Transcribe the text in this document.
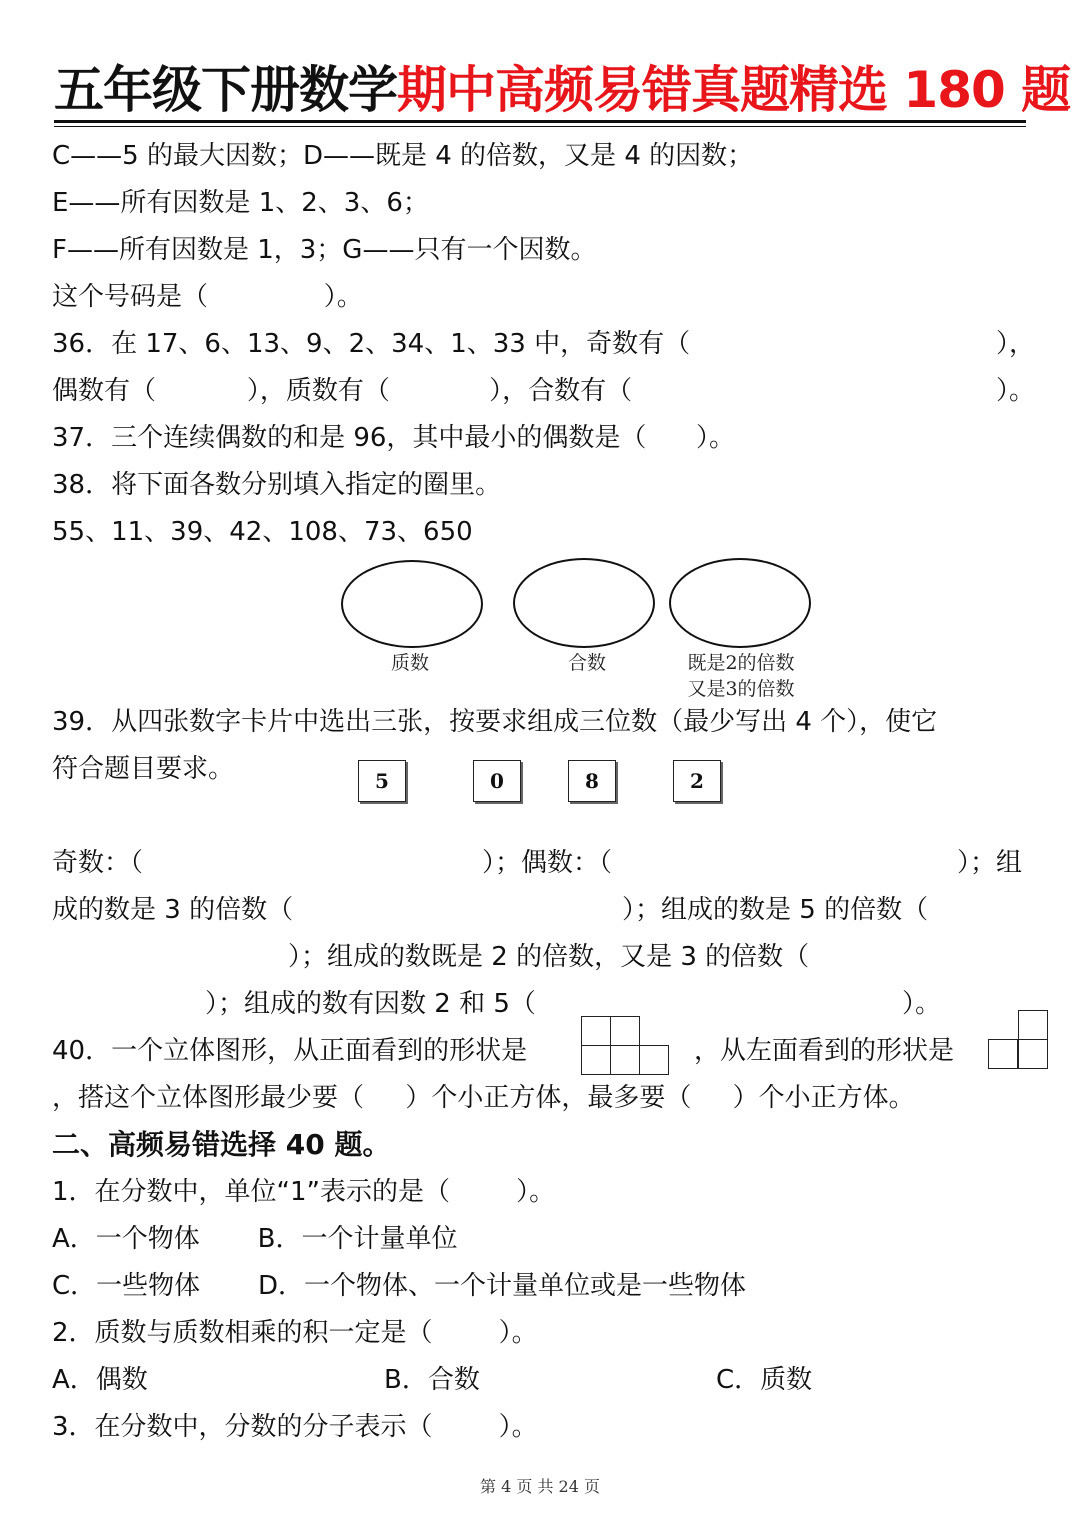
五年级下册数学期中高频易错真题精选 180 题
C——5 的最大因数；D——既是 4 的倍数，又是 4 的因数；
E——所有因数是 1、2、3、6；
F——所有因数是 1，3；G——只有一个因数。
这个号码是（              ）。
36．在 17、6、13、9、2、34、1、33 中，奇数有（	），
偶数有（           ），质数有（            ），合数有（	）。
37．三个连续偶数的和是 96，其中最小的偶数是（      ）。
38．将下面各数分别填入指定的圈里。
55、11、39、42、108、73、650
质数	合数	既是2的倍数
又是3的倍数
39．从四张数字卡片中选出三张，按要求组成三位数（最少写出 4 个），使它
符合题目要求。	5	0	8	2
奇数：（	）；偶数：（	）；组
成的数是 3 的倍数（	）；组成的数是 5 的倍数（
）；组成的数既是 2 的倍数，又是 3 的倍数（
）；组成的数有因数 2 和 5（	）。
40．一个立体图形，从正面看到的形状是	，从左面看到的形状是
，搭这个立体图形最少要（     ）个小正方体，最多要（     ）个小正方体。
二、高频易错选择 40 题。
1．在分数中，单位“1”表示的是（        ）。
A．一个物体       B．一个计量单位
C．一些物体       D．一个物体、一个计量单位或是一些物体
2．质数与质数相乘的积一定是（        ）。
A．偶数	B．合数	C．质数
3．在分数中，分数的分子表示（        ）。
第 4 页 共 24 页
